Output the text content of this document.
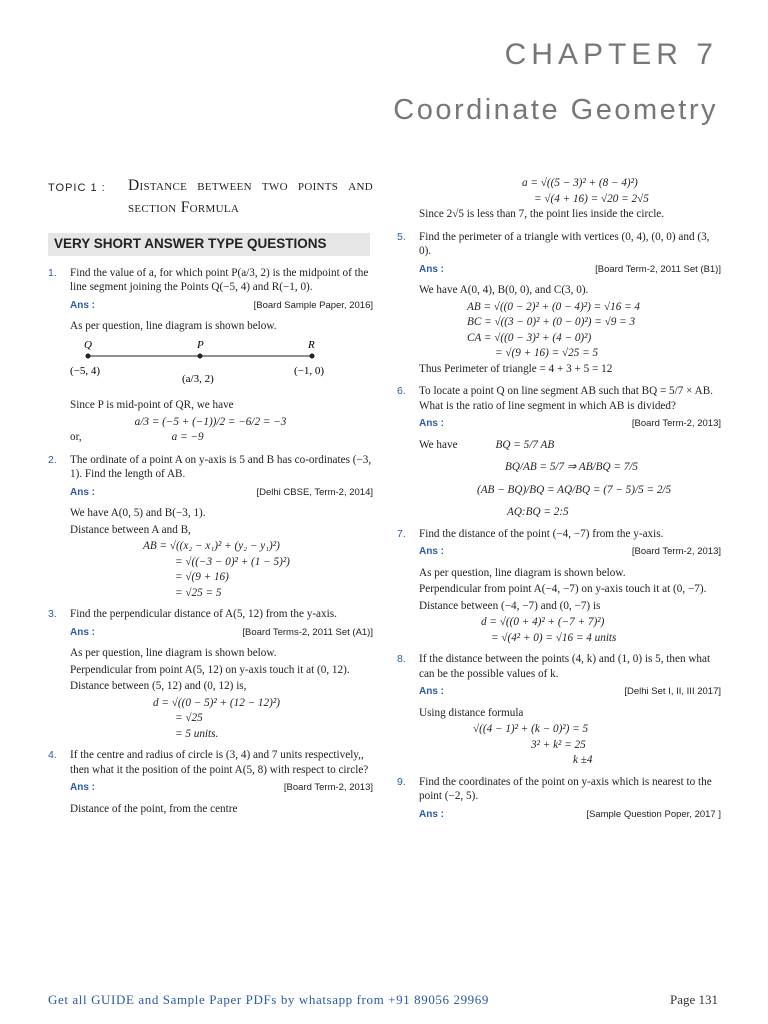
CHAPTER 7
Coordinate Geometry
TOPIC 1 :	Distance between two points and section Formula
VERY SHORT ANSWER TYPE QUESTIONS
1. Find the value of a, for which point P(a/3, 2) is the midpoint of the line segment joining the Points Q(−5, 4) and R(−1, 0).
Ans :	[Board Sample Paper, 2016]
As per question, line diagram is shown below.
Q	P	R
(−5, 4)
(a/3, 2)
(−1, 0)
Since P is mid-point of QR, we have
a/3 = (−5 + (−1))/2 = −6/2 = −3
or,	a = −9
2. The ordinate of a point A on y-axis is 5 and B has co-ordinates (−3, 1). Find the length of AB.
Ans :	[Delhi CBSE, Term-2, 2014]
We have A(0, 5) and B(−3, 1).
Distance between A and B,
AB = √((x₂ − x₁)² + (y₂ − y₁)²)
= √((−3 − 0)² + (1 − 5)²)
= √(9 + 16)
= √25 = 5
3. Find the perpendicular distance of A(5, 12) from the y-axis.
Ans :	[Board Terms-2, 2011 Set (A1)]
As per question, line diagram is shown below.
Perpendicular from point A(5, 12) on y-axis touch it at (0, 12).
Distance between (5, 12) and (0, 12) is,
d = √((0 − 5)² + (12 − 12)²)
= √25
= 5 units.
4. If the centre and radius of circle is (3, 4) and 7 units respectively,, then what it the position of the point A(5, 8) with respect to circle?
Ans :	[Board Term-2, 2013]
Distance of the point, from the centre
a = √((5 − 3)² + (8 − 4)²)
= √(4 + 16) = √20 = 2√5
Since 2√5 is less than 7, the point lies inside the circle.
5. Find the perimeter of a triangle with vertices (0, 4), (0, 0) and (3, 0).
Ans :	[Board Term-2, 2011 Set (B1)]
We have A(0, 4), B(0, 0), and C(3, 0).
AB = √((0 − 2)² + (0 − 4)²) = √16 = 4
BC = √((3 − 0)² + (0 − 0)²) = √9 = 3
CA = √((0 − 3)² + (4 − 0)²)
= √(9 + 16) = √25 = 5
Thus Perimeter of triangle = 4 + 3 + 5 = 12
6. To locate a point Q on line segment AB such that BQ = 5/7 × AB. What is the ratio of line segment in which AB is divided?
Ans :	[Board Term-2, 2013]
We have	BQ = 5/7 AB
BQ/AB = 5/7 ⇒ AB/BQ = 7/5
(AB − BQ)/BQ = AQ/BQ = (7 − 5)/5 = 2/5
AQ:BQ = 2:5
7. Find the distance of the point (−4, −7) from the y-axis.
Ans :	[Board Term-2, 2013]
As per question, line diagram is shown below.
Perpendicular from point A(−4, −7) on y-axis touch it at (0, −7).
Distance between (−4, −7) and (0, −7) is
d = √((0 + 4)² + (−7 + 7)²)
= √(4² + 0) = √16 = 4 units
8. If the distance between the points (4, k) and (1, 0) is 5, then what can be the possible values of k.
Ans :	[Delhi Set I, II, III 2017]
Using distance formula
√((4 − 1)² + (k − 0)²) = 5
3² + k² = 25
k ±4
9. Find the coordinates of the point on y-axis which is nearest to the point (−2, 5).
Ans :	[Sample Question Poper, 2017 ]
Get all GUIDE and Sample Paper PDFs by whatsapp from +91 89056 29969	Page 131
